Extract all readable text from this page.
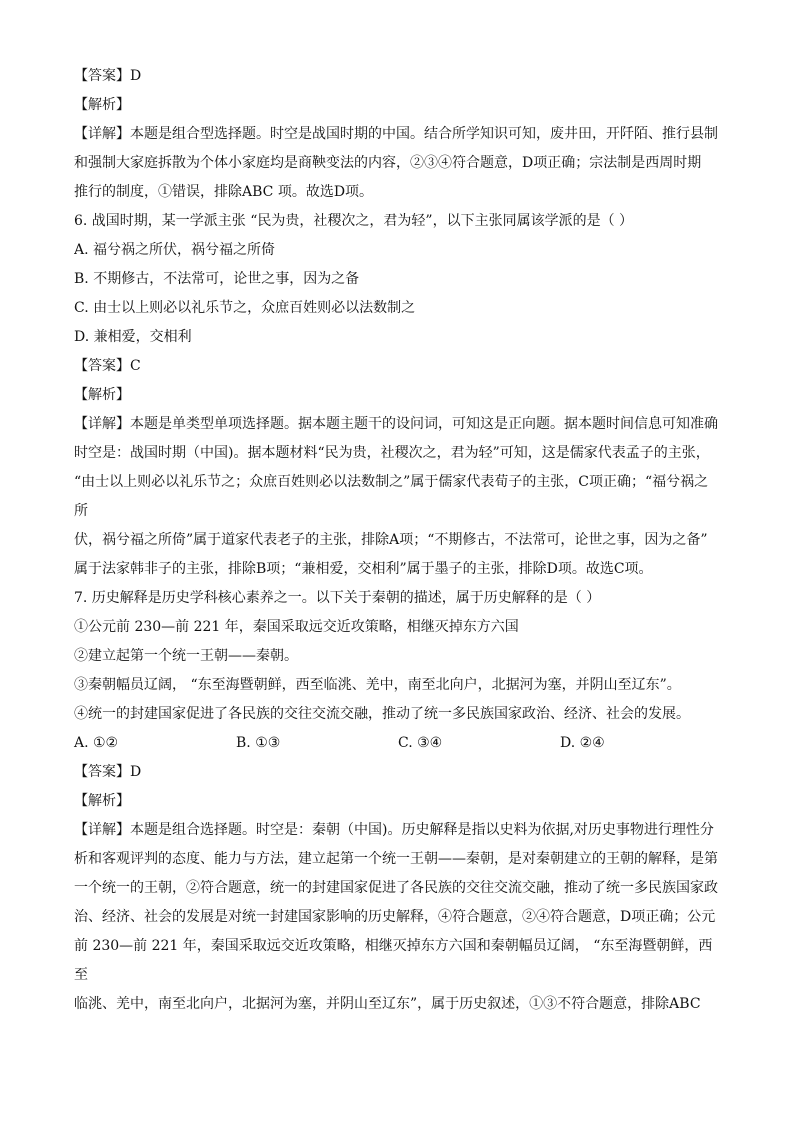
【答案】D
【解析】
【详解】本题是组合型选择题。时空是战国时期的中国。结合所学知识可知，废井田，开阡陌、推行县制
和强制大家庭拆散为个体小家庭均是商鞅变法的内容，②③④符合题意，D项正确；宗法制是西周时期
推行的制度，①错误，排除ABC 项。故选D项。
6. 战国时期，某一学派主张 “民为贵，社稷次之，君为轻”，以下主张同属该学派的是（ ）
A. 福兮祸之所伏，祸兮福之所倚
B. 不期修古，不法常可，论世之事，因为之备
C. 由士以上则必以礼乐节之，众庶百姓则必以法数制之
D. 兼相爱，交相利
【答案】C
【解析】
【详解】本题是单类型单项选择题。据本题主题干的设问词，可知这是正向题。据本题时间信息可知准确
时空是：战国时期（中国)。据本题材料“民为贵，社稷次之，君为轻”可知，这是儒家代表孟子的主张，
“由士以上则必以礼乐节之；众庶百姓则必以法数制之”属于儒家代表荀子的主张，C项正确；“福兮祸之所
伏，祸兮福之所倚”属于道家代表老子的主张，排除A项；“不期修古，不法常可，论世之事，因为之备”
属于法家韩非子的主张，排除B项；“兼相爱，交相利”属于墨子的主张，排除D项。故选C项。
7. 历史解释是历史学科核心素养之一。以下关于秦朝的描述，属于历史解释的是（ ）
①公元前 230—前 221 年，秦国采取远交近攻策略，相继灭掉东方六国
②建立起第一个统一王朝——秦朝。
③秦朝幅员辽阔， “东至海暨朝鲜，西至临洮、羌中，南至北向户，北据河为塞，并阴山至辽东”。
④统一的封建国家促进了各民族的交往交流交融，推动了统一多民族国家政治、经济、社会的发展。
A. ①②	B. ①③	C. ③④	D. ②④
【答案】D
【解析】
【详解】本题是组合选择题。时空是：秦朝（中国)。历史解释是指以史料为依据,对历史事物进行理性分
析和客观评判的态度、能力与方法，建立起第一个统一王朝——秦朝，是对秦朝建立的王朝的解释，是第
一个统一的王朝，②符合题意，统一的封建国家促进了各民族的交往交流交融，推动了统一多民族国家政
治、经济、社会的发展是对统一封建国家影响的历史解释，④符合题意，②④符合题意，D项正确；公元
前 230—前 221 年，秦国采取远交近攻策略，相继灭掉东方六国和秦朝幅员辽阔， “东至海暨朝鲜，西至
临洮、羌中，南至北向户，北据河为塞，并阴山至辽东”，属于历史叙述，①③不符合题意，排除ABC
